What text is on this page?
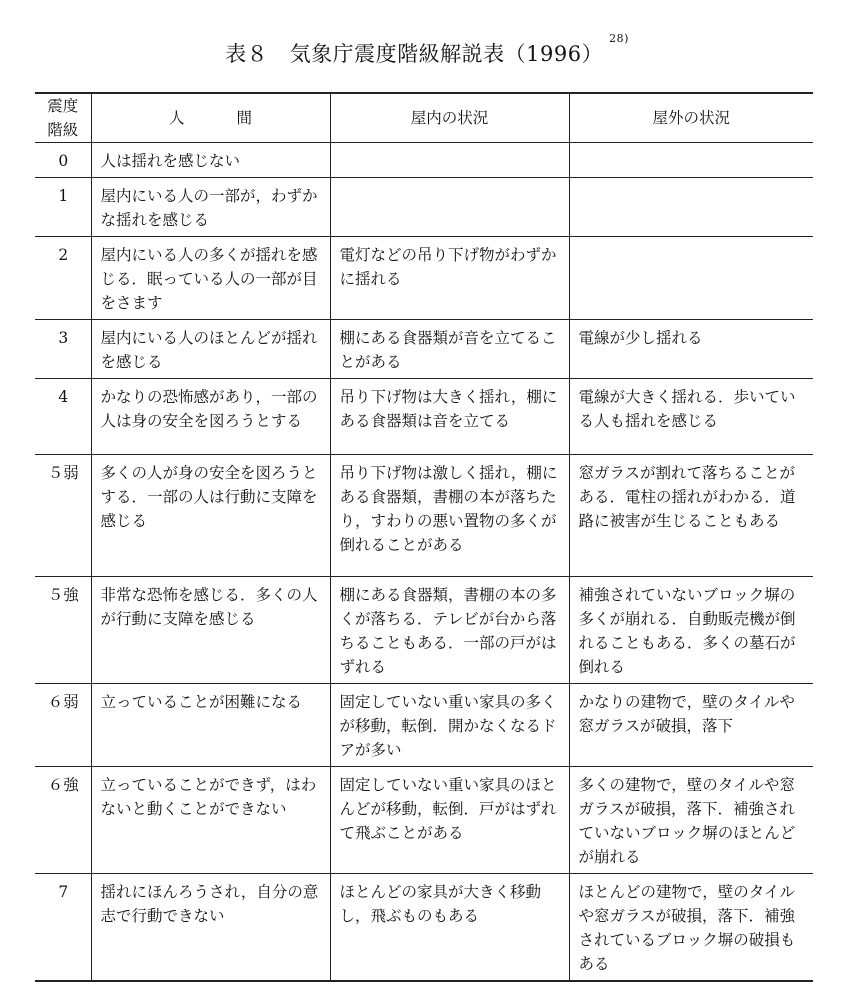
表８　気象庁震度階級解説表$(1996)^{28)}$
震度階級	人間	屋内の状況	屋外の状況
0	人は揺れを感じない		
1	屋内にいる人の一部が，わずかな揺れを感じる		
2	屋内にいる人の多くが揺れを感じる．眠っている人の一部が目をさます	電灯などの吊り下げ物がわずかに揺れる	
3	屋内にいる人のほとんどが揺れを感じる	棚にある食器類が音を立てることがある	電線が少し揺れる
4	かなりの恐怖感があり，一部の人は身の安全を図ろうとする	吊り下げ物は大きく揺れ，棚にある食器類は音を立てる	電線が大きく揺れる．歩いている人も揺れを感じる
５弱	多くの人が身の安全を図ろうとする．一部の人は行動に支障を感じる	吊り下げ物は激しく揺れ，棚にある食器類，書棚の本が落ちたり，すわりの悪い置物の多くが倒れることがある	窓ガラスが割れて落ちることがある．電柱の揺れがわかる．道路に被害が生じることもある
５強	非常な恐怖を感じる．多くの人が行動に支障を感じる	棚にある食器類，書棚の本の多くが落ちる．テレビが台から落ちることもある．一部の戸がはずれる	補強されていないブロック塀の多くが崩れる．自動販売機が倒れることもある．多くの墓石が倒れる
６弱	立っていることが困難になる	固定していない重い家具の多くが移動，転倒．開かなくなるドアが多い	かなりの建物で，壁のタイルや窓ガラスが破損，落下
６強	立っていることができず，はわないと動くことができない	固定していない重い家具のほとんどが移動，転倒．戸がはずれて飛ぶことがある	多くの建物で，壁のタイルや窓ガラスが破損，落下．補強されていないブロック塀のほとんどが崩れる
7	揺れにほんろうされ，自分の意志で行動できない	ほとんどの家具が大きく移動し，飛ぶものもある	ほとんどの建物で，壁のタイルや窓ガラスが破損，落下．補強されているブロック塀の破損もある
